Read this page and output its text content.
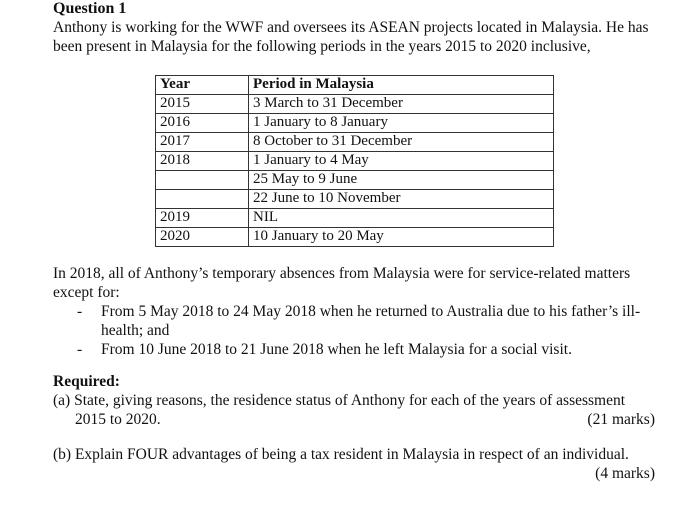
Question 1
Anthony is working for the WWF and oversees its ASEAN projects located in Malaysia. He has been present in Malaysia for the following periods in the years 2015 to 2020 inclusive,
Year	Period in Malaysia
2015	3 March to 31 December
2016	1 January to 8 January
2017	8 October to 31 December
2018	1 January to 4 May
	25 May to 9 June
	22 June to 10 November
2019	NIL
2020	10 January to 20 May
In 2018, all of Anthony’s temporary absences from Malaysia were for service-related matters except for:
- From 5 May 2018 to 24 May 2018 when he returned to Australia due to his father’s ill-health; and
- From 10 June 2018 to 21 June 2018 when he left Malaysia for a social visit.
Required:
(a) State, giving reasons, the residence status of Anthony for each of the years of assessment
2015 to 2020.	(21 marks)
(b) Explain FOUR advantages of being a tax resident in Malaysia in respect of an individual.
(4 marks)
